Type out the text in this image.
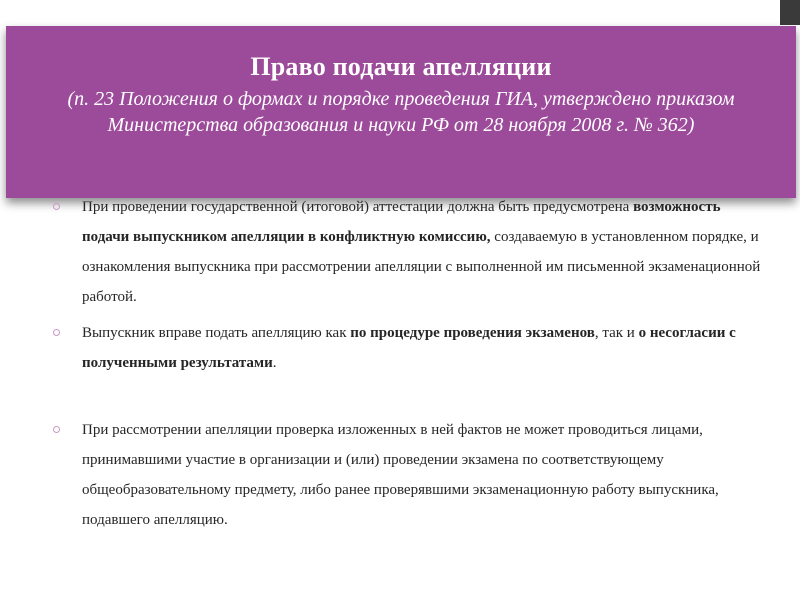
Право подачи апелляции
(п. 23 Положения о формах и порядке проведения ГИА, утверждено приказом Министерства образования и науки РФ от 28 ноября 2008 г. № 362)
При проведении государственной (итоговой) аттестации должна быть предусмотрена возможность подачи выпускником апелляции в конфликтную комиссию, создаваемую в установленном порядке, и ознакомления выпускника при рассмотрении апелляции с выполненной им письменной экзаменационной работой.
Выпускник вправе подать апелляцию как по процедуре проведения экзаменов, так и о несогласии с полученными результатами.
При рассмотрении апелляции проверка изложенных в ней фактов не может проводиться лицами, принимавшими участие в организации и (или) проведении экзамена по соответствующему общеобразовательному предмету, либо ранее проверявшими экзаменационную работу выпускника, подавшего апелляцию.
